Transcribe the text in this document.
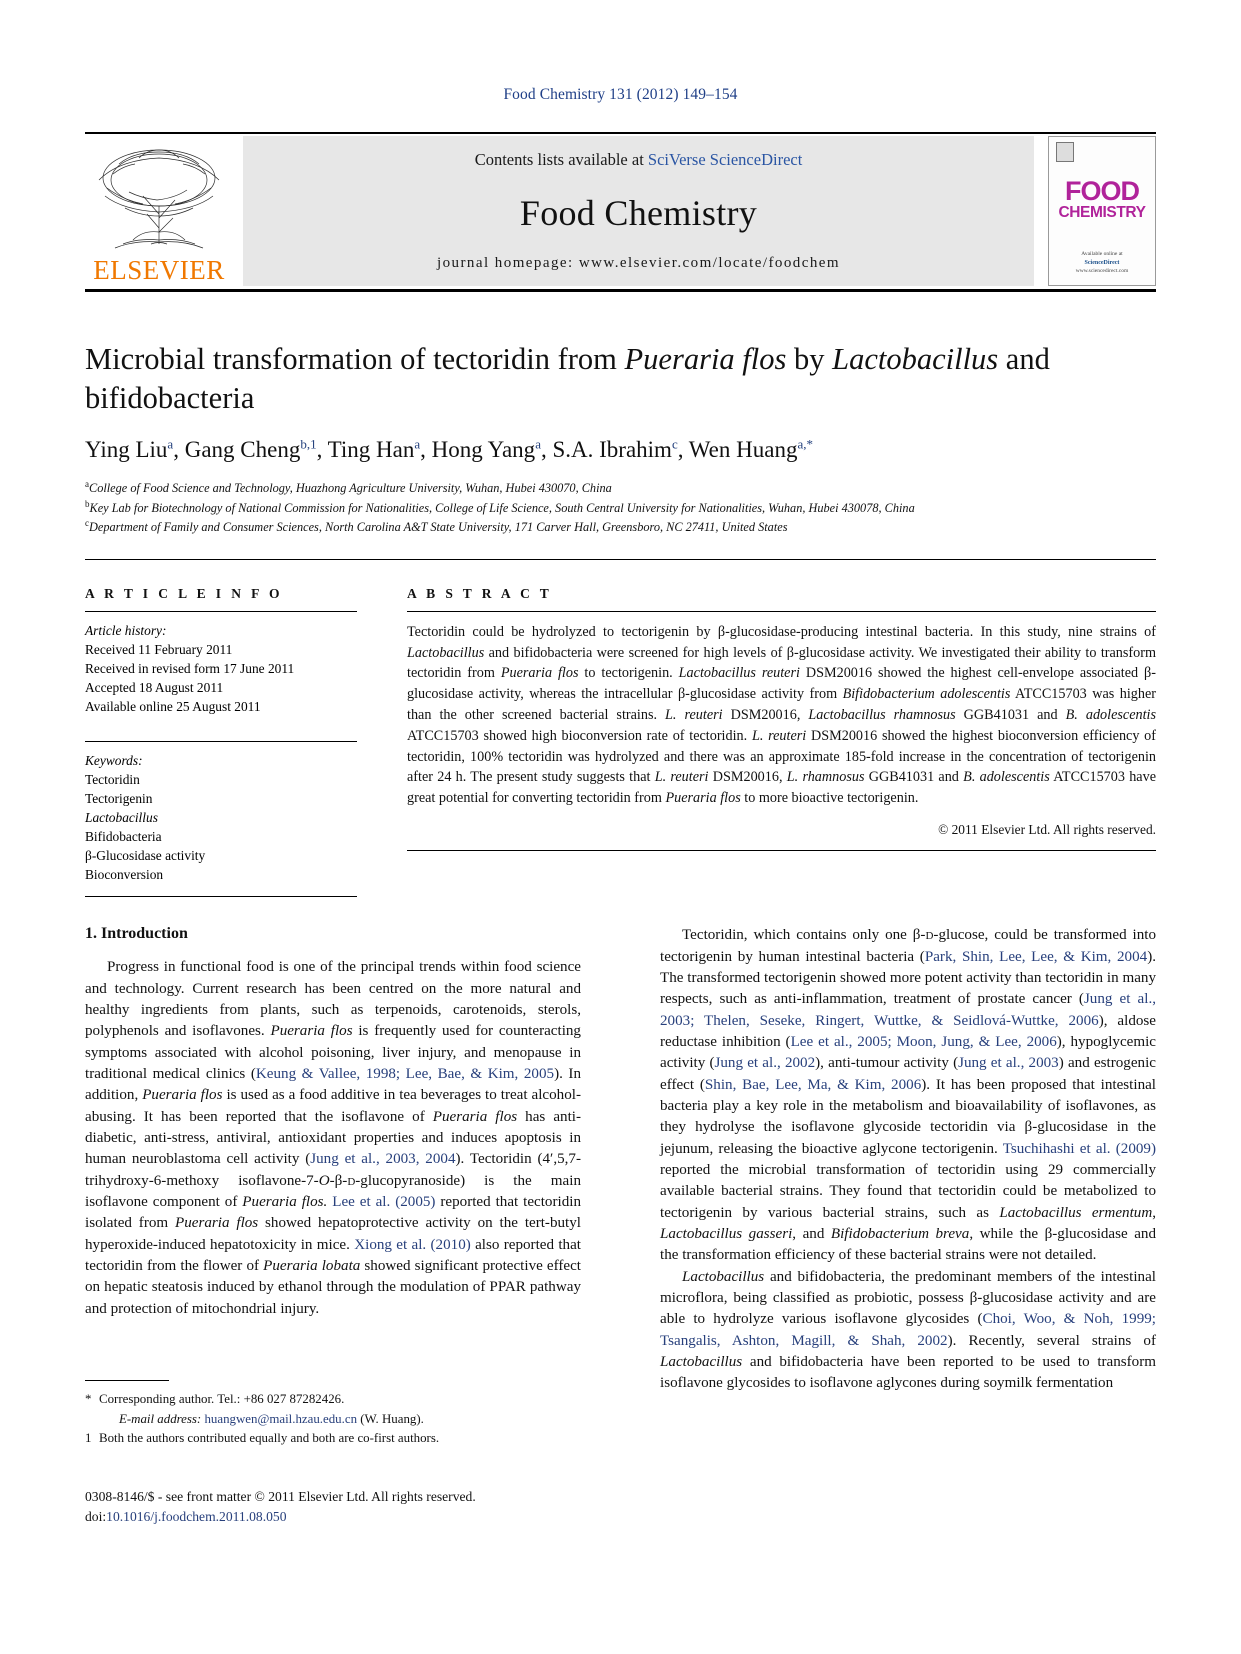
Food Chemistry 131 (2012) 149–154
ELSEVIER
Contents lists available at SciVerse ScienceDirect
Food Chemistry
journal homepage: www.elsevier.com/locate/foodchem
FOOD
CHEMISTRY
Available online at
ScienceDirect
www.sciencedirect.com
Microbial transformation of tectoridin from Pueraria flos by Lactobacillus and bifidobacteria
Ying Liu$^a$, Gang Cheng$^{b,1}$, Ting Han$^a$, Hong Yang$^a$, S.A. Ibrahim$^c$, Wen Huang$^{a,*}$
$^a$College of Food Science and Technology, Huazhong Agriculture University, Wuhan, Hubei 430070, China
$^b$Key Lab for Biotechnology of National Commission for Nationalities, College of Life Science, South Central University for Nationalities, Wuhan, Hubei 430078, China
$^c$Department of Family and Consumer Sciences, North Carolina A&T State University, 171 Carver Hall, Greensboro, NC 27411, United States
A R T I C L E I N F O
Article history:
Received 11 February 2011
Received in revised form 17 June 2011
Accepted 18 August 2011
Available online 25 August 2011
Keywords:
Tectoridin
Tectorigenin
Lactobacillus
Bifidobacteria
β-Glucosidase activity
Bioconversion
A B S T R A C T
Tectoridin could be hydrolyzed to tectorigenin by β-glucosidase-producing intestinal bacteria. In this study, nine strains of Lactobacillus and bifidobacteria were screened for high levels of β-glucosidase activity. We investigated their ability to transform tectoridin from Pueraria flos to tectorigenin. Lactobacillus reuteri DSM20016 showed the highest cell-envelope associated β-glucosidase activity, whereas the intracellular β-glucosidase activity from Bifidobacterium adolescentis ATCC15703 was higher than the other screened bacterial strains. L. reuteri DSM20016, Lactobacillus rhamnosus GGB41031 and B. adolescentis ATCC15703 showed high bioconversion rate of tectoridin. L. reuteri DSM20016 showed the highest bioconversion efficiency of tectoridin, 100% tectoridin was hydrolyzed and there was an approximate 185-fold increase in the concentration of tectorigenin after 24 h. The present study suggests that L. reuteri DSM20016, L. rhamnosus GGB41031 and B. adolescentis ATCC15703 have great potential for converting tectoridin from Pueraria flos to more bioactive tectorigenin.
© 2011 Elsevier Ltd. All rights reserved.
1. Introduction

Progress in functional food is one of the principal trends within food science and technology. Current research has been centred on the more natural and healthy ingredients from plants, such as terpenoids, carotenoids, sterols, polyphenols and isoflavones. Pueraria flos is frequently used for counteracting symptoms associated with alcohol poisoning, liver injury, and menopause in traditional medical clinics (Keung & Vallee, 1998; Lee, Bae, & Kim, 2005). In addition, Pueraria flos is used as a food additive in tea beverages to treat alcohol-abusing. It has been reported that the isoflavone of Pueraria flos has anti-diabetic, anti-stress, antiviral, antioxidant properties and induces apoptosis in human neuroblastoma cell activity (Jung et al., 2003, 2004). Tectoridin (4′,5,7-trihydroxy-6-methoxy isoflavone-7-O-β-d-glucopyranoside) is the main isoflavone component of Pueraria flos. Lee et al. (2005) reported that tectoridin isolated from Pueraria flos showed hepatoprotective activity on the tert-butyl hyperoxide-induced hepatotoxicity in mice. Xiong et al. (2010) also reported that tectoridin from the flower of Pueraria lobata showed significant protective effect on hepatic steatosis induced by ethanol through the modulation of PPAR pathway and protection of mitochondrial injury.

Tectoridin, which contains only one β-d-glucose, could be transformed into tectorigenin by human intestinal bacteria (Park, Shin, Lee, Lee, & Kim, 2004). The transformed tectorigenin showed more potent activity than tectoridin in many respects, such as anti-inflammation, treatment of prostate cancer (Jung et al., 2003; Thelen, Seseke, Ringert, Wuttke, & Seidlová-Wuttke, 2006), aldose reductase inhibition (Lee et al., 2005; Moon, Jung, & Lee, 2006), hypoglycemic activity (Jung et al., 2002), anti-tumour activity (Jung et al., 2003) and estrogenic effect (Shin, Bae, Lee, Ma, & Kim, 2006). It has been proposed that intestinal bacteria play a key role in the metabolism and bioavailability of isoflavones, as they hydrolyse the isoflavone glycoside tectoridin via β-glucosidase in the jejunum, releasing the bioactive aglycone tectorigenin. Tsuchihashi et al. (2009) reported the microbial transformation of tectoridin using 29 commercially available bacterial strains. They found that tectoridin could be metabolized to tectorigenin by various bacterial strains, such as Lactobacillus ermentum, Lactobacillus gasseri, and Bifidobacterium breva, while the β-glucosidase and the transformation efficiency of these bacterial strains were not detailed.

Lactobacillus and bifidobacteria, the predominant members of the intestinal microflora, being classified as probiotic, possess β-glucosidase activity and are able to hydrolyze various isoflavone glycosides (Choi, Woo, & Noh, 1999; Tsangalis, Ashton, Magill, & Shah, 2002). Recently, several strains of Lactobacillus and bifidobacteria have been reported to be used to transform isoflavone glycosides to isoflavone aglycones during soymilk fermentation

* Corresponding author. Tel.: +86 027 87282426.
E-mail address: huangwen@mail.hzau.edu.cn (W. Huang).
1 Both the authors contributed equally and both are co-first authors.
0308-8146/$ - see front matter © 2011 Elsevier Ltd. All rights reserved.
doi:10.1016/j.foodchem.2011.08.050
